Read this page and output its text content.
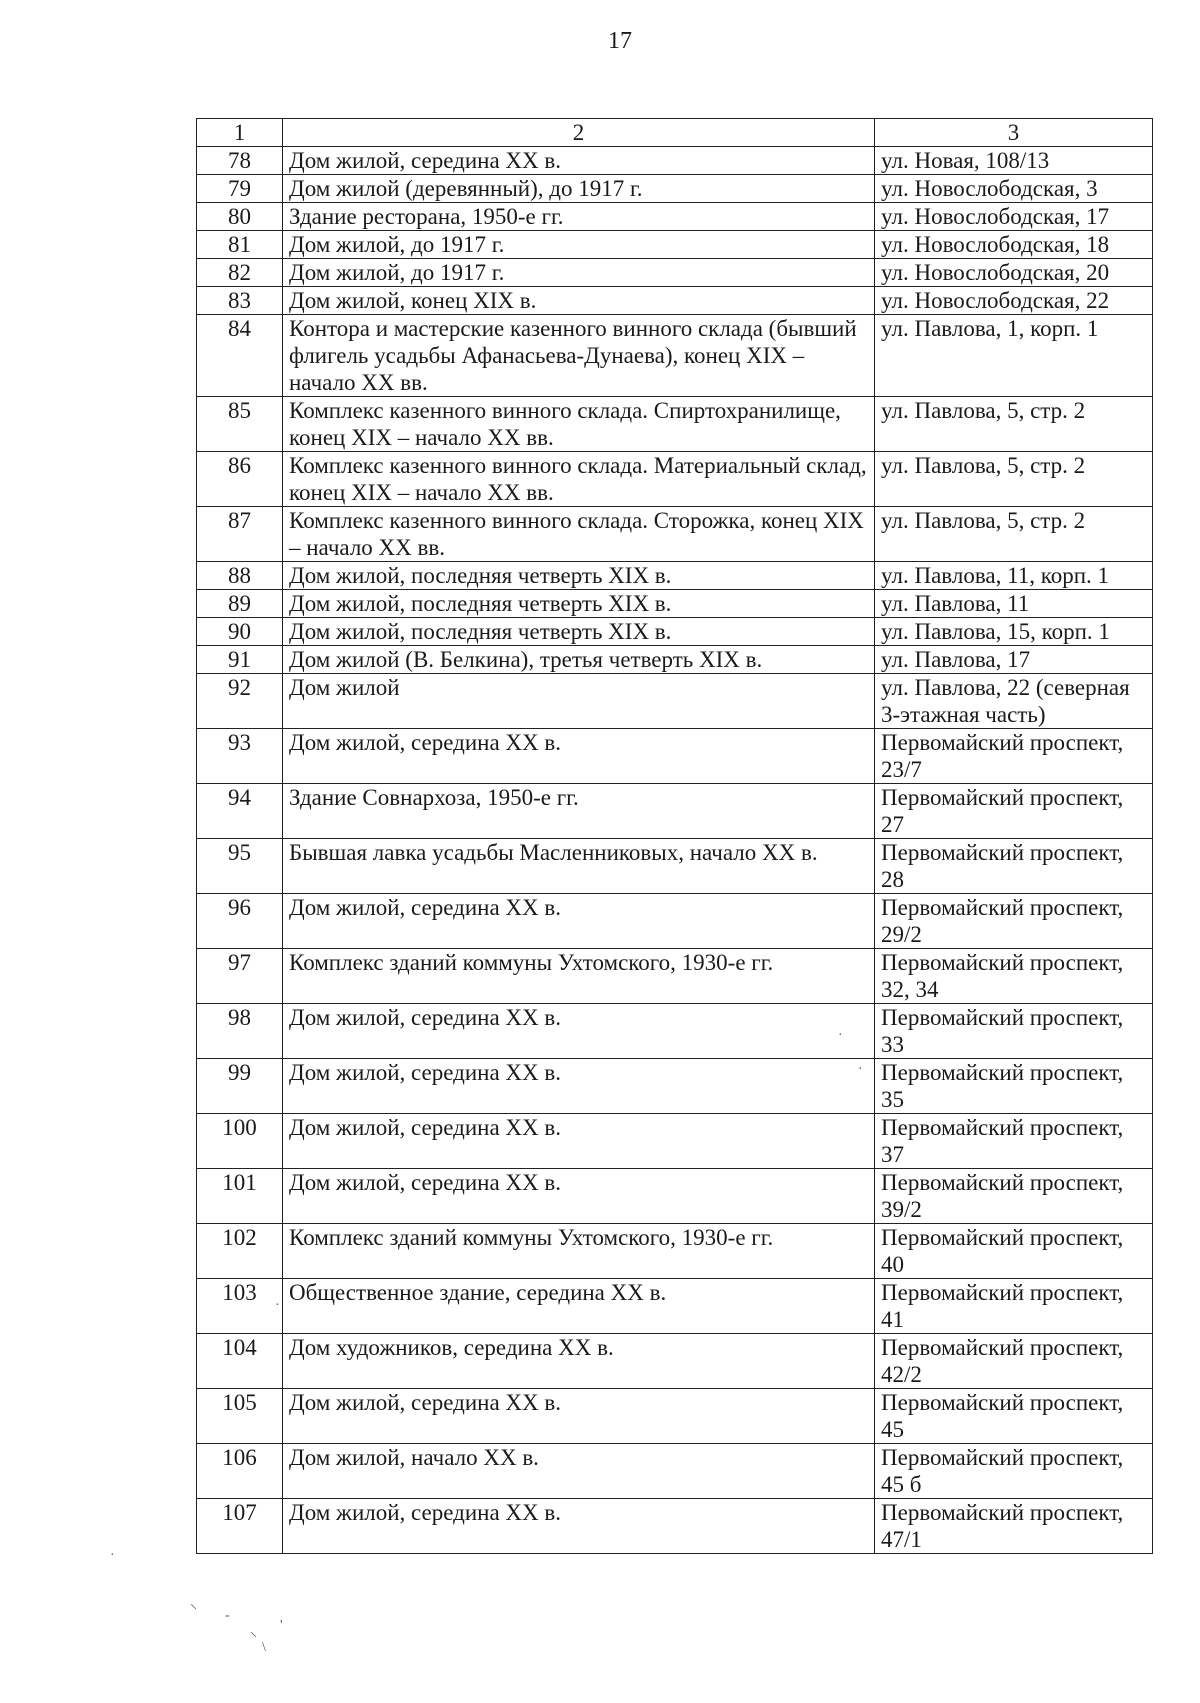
17
1	2	3
78	Дом жилой, середина XX в.	ул. Новая, 108/13
79	Дом жилой (деревянный), до 1917 г.	ул. Новослободская, 3
80	Здание ресторана, 1950-е гг.	ул. Новослободская, 17
81	Дом жилой, до 1917 г.	ул. Новослободская, 18
82	Дом жилой, до 1917 г.	ул. Новослободская, 20
83	Дом жилой, конец XIX в.	ул. Новослободская, 22
84	Контора и мастерские казенного винного склада (бывший флигель усадьбы Афанасьева-Дунаева), конец XIX – начало XX вв.	ул. Павлова, 1, корп. 1
85	Комплекс казенного винного склада. Спиртохранилище, конец XIX – начало XX вв.	ул. Павлова, 5, стр. 2
86	Комплекс казенного винного склада. Материальный склад, конец XIX – начало XX вв.	ул. Павлова, 5, стр. 2
87	Комплекс казенного винного склада. Сторожка, конец XIX – начало XX вв.	ул. Павлова, 5, стр. 2
88	Дом жилой, последняя четверть XIX в.	ул. Павлова, 11, корп. 1
89	Дом жилой, последняя четверть XIX в.	ул. Павлова, 11
90	Дом жилой, последняя четверть XIX в.	ул. Павлова, 15, корп. 1
91	Дом жилой (В. Белкина), третья четверть XIX в.	ул. Павлова, 17
92	Дом жилой	ул. Павлова, 22 (северная 3-этажная часть)
93	Дом жилой, середина XX в.	Первомайский проспект, 23/7
94	Здание Совнархоза, 1950-е гг.	Первомайский проспект, 27
95	Бывшая лавка усадьбы Масленниковых, начало XX в.	Первомайский проспект, 28
96	Дом жилой, середина XX в.	Первомайский проспект, 29/2
97	Комплекс зданий коммуны Ухтомского, 1930-е гг.	Первомайский проспект, 32, 34
98	Дом жилой, середина XX в.	Первомайский проспект, 33
99	Дом жилой, середина XX в.	Первомайский проспект, 35
100	Дом жилой, середина XX в.	Первомайский проспект, 37
101	Дом жилой, середина XX в.	Первомайский проспект, 39/2
102	Комплекс зданий коммуны Ухтомского, 1930-е гг.	Первомайский проспект, 40
103	Общественное здание, середина XX в.	Первомайский проспект, 41
104	Дом художников, середина XX в.	Первомайский проспект, 42/2
105	Дом жилой, середина XX в.	Первомайский проспект, 45
106	Дом жилой, начало XX в.	Первомайский проспект, 45 б
107	Дом жилой, середина XX в.	Первомайский проспект, 47/1
·
·
·
·
⸌ -
⸜
\
'
